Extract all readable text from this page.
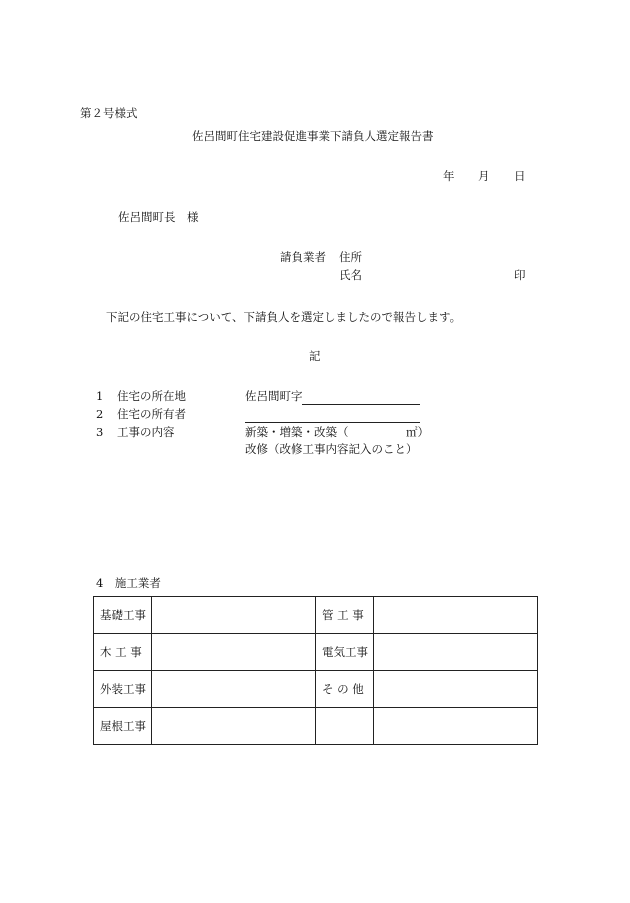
第２号様式
佐呂間町住宅建設促進事業下請負人選定報告書
年 月 日
佐呂間町長　様
請負業者 住所
氏名	印
下記の住宅工事について、下請負人を選定しましたので報告します。
記
1 住宅の所在地	佐呂間町字
2 住宅の所有者
3 工事の内容	新築・増築・改築（　　　　　㎡）
改修（改修工事内容記入のこと）
4　施工業者
基礎工事		管 工 事	
木 工 事		電気工事	
外装工事		そ の 他	
屋根工事			
